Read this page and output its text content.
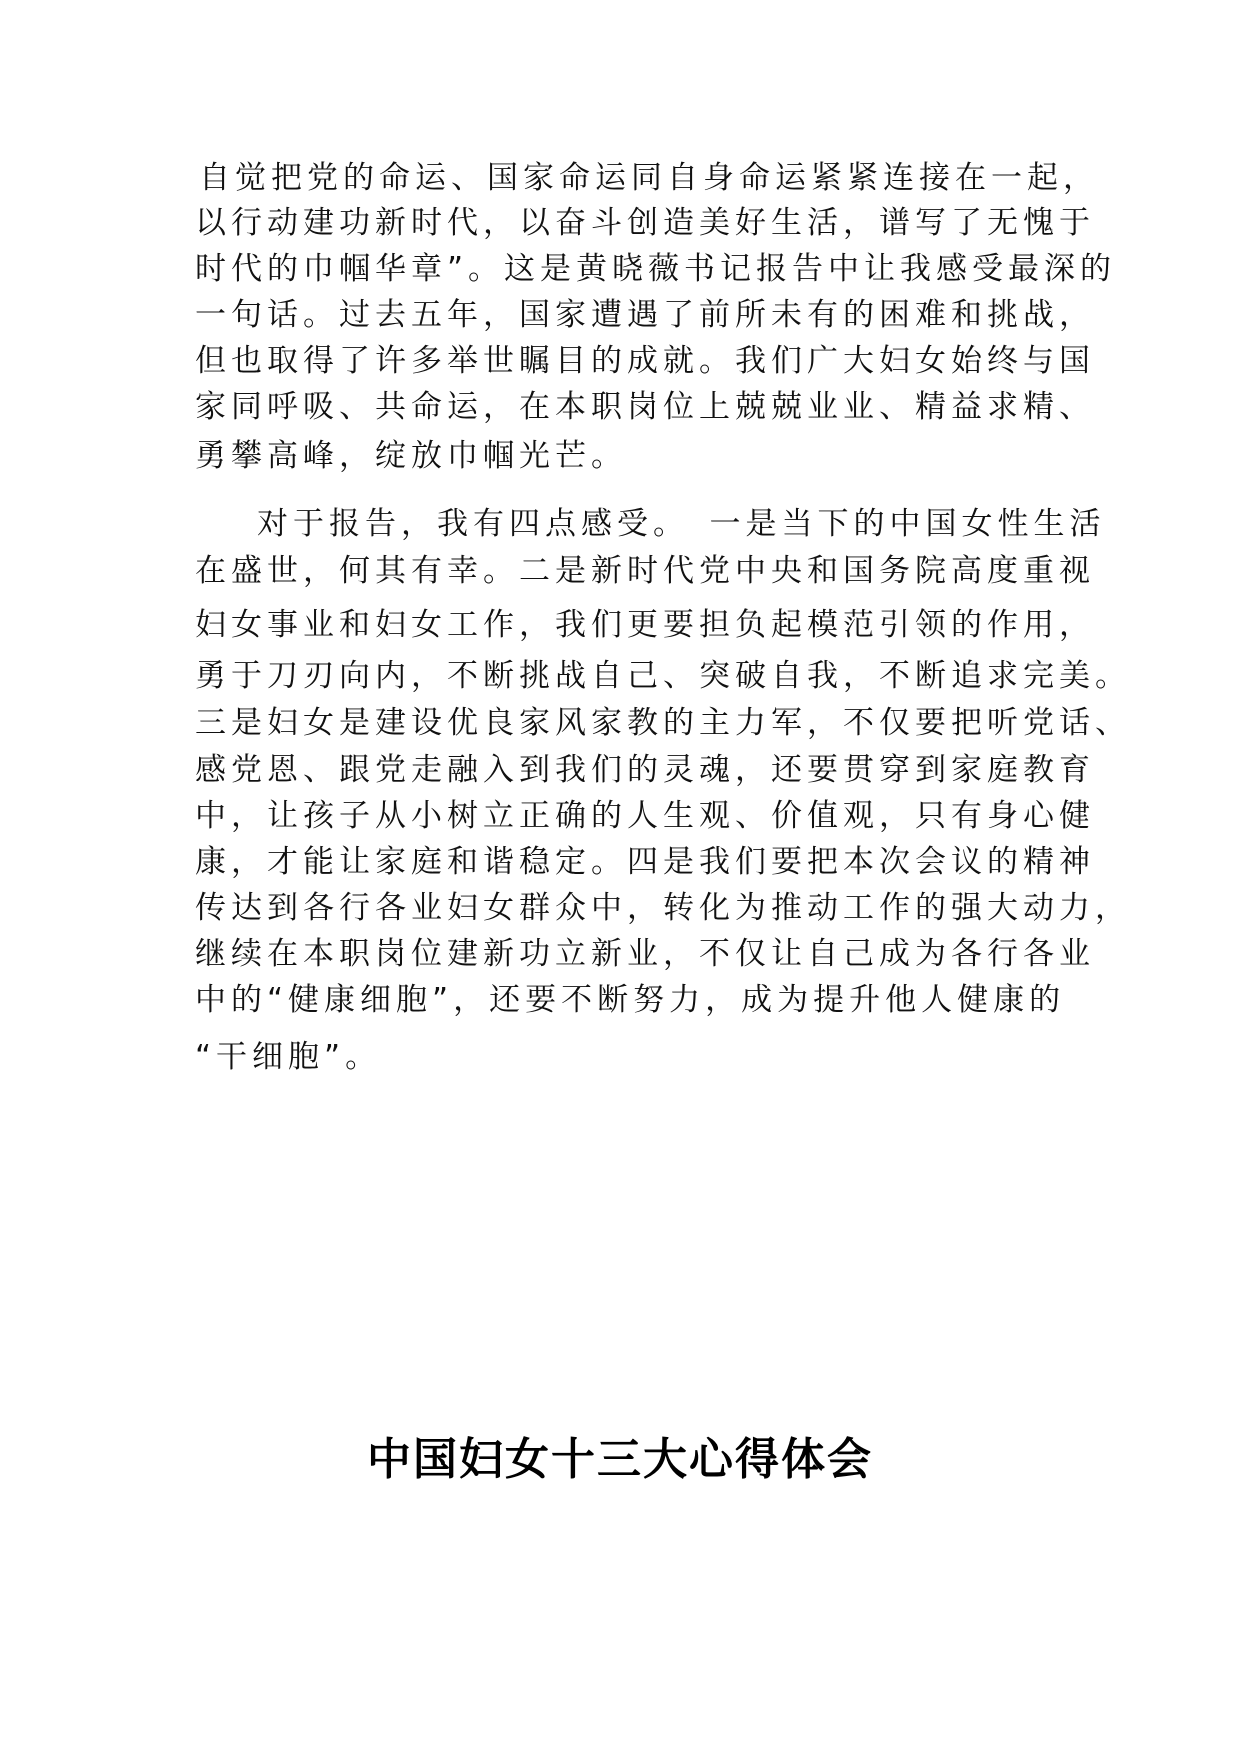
自觉把党的命运、国家命运同自身命运紧紧连接在一起，
以行动建功新时代，以奋斗创造美好生活，谱写了无愧于
时代的巾帼华章”。这是黄晓薇书记报告中让我感受最深的
一句话。过去五年，国家遭遇了前所未有的困难和挑战，
但也取得了许多举世瞩目的成就。我们广大妇女始终与国
家同呼吸、共命运，在本职岗位上兢兢业业、精益求精、
勇攀高峰，绽放巾帼光芒。
对于报告，我有四点感受。　一是当下的中国女性生活
在盛世，何其有幸。二是新时代党中央和国务院高度重视
妇女事业和妇女工作，我们更要担负起模范引领的作用，
勇于刀刃向内，不断挑战自己、突破自我，不断追求完美。
三是妇女是建设优良家风家教的主力军，不仅要把听党话、
感党恩、跟党走融入到我们的灵魂，还要贯穿到家庭教育
中，让孩子从小树立正确的人生观、价值观，只有身心健
康，才能让家庭和谐稳定。四是我们要把本次会议的精神
传达到各行各业妇女群众中，转化为推动工作的强大动力，
继续在本职岗位建新功立新业，不仅让自己成为各行各业
中的“健康细胞”，还要不断努力，成为提升他人健康的
“干细胞”。
中国妇女十三大心得体会
